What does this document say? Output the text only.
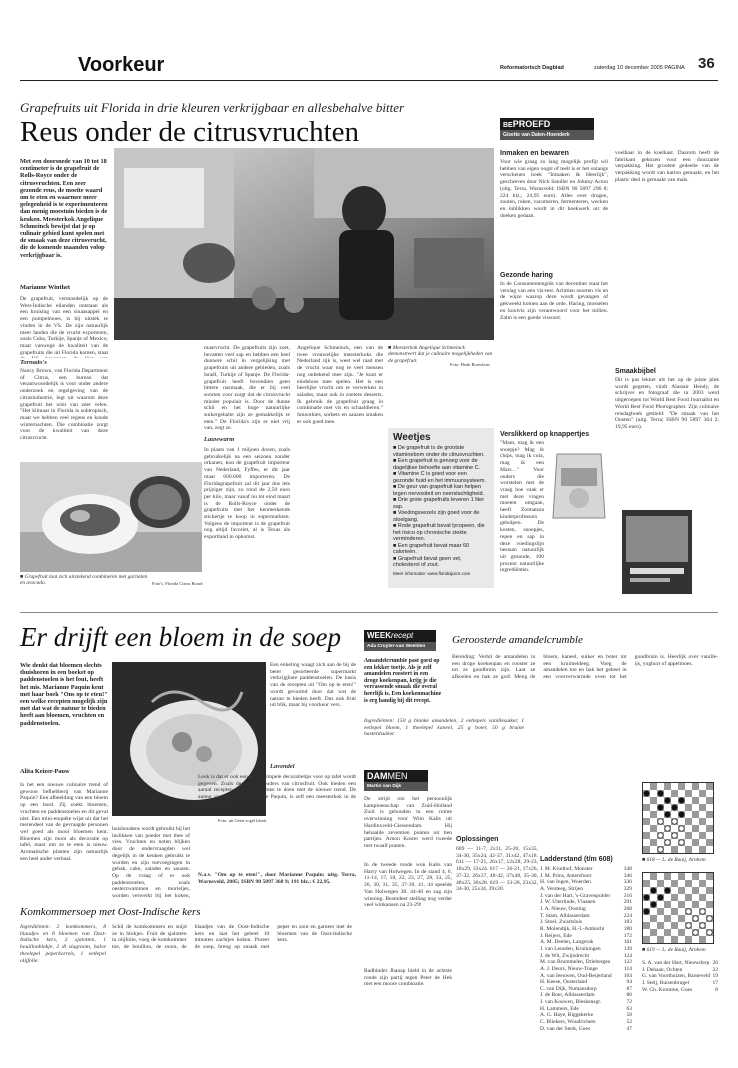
Voorkeur	Reformatorisch Dagblad	zaterdag 10 december 2005 PAGINA 36
Grapefruits uit Florida in drie kleuren verkrijgbaar en allesbehalve bitter
Reus onder de citrusvruchten
Met een doorsnede van 10 tot 18 centimeter is de grapefruit de Rolls-Royce onder de citrusvruchten. Een zeer gezonde reus, de moeite waard om te eten en waarmee meer gelegenheid is te experimenteren dan menig moestuin bieden is de keuken. Meesterkok Angelique Schmeinck bewijst dat je op culinair gebied kunt spelen met de smaak van deze citrusvrucht, die de komende maanden volop verkrijgbaar is.
Marianne Winthet
De grapefruit, vermoedelijk op de West-Indische eilanden ontstaan als een kruising van een sinaasappel en een pompelmoes, is bij uitstek te vinden in de VS. De zijn natuurlijk meer landen die de vrucht exporteren, zoals Cuba, Turkije, Spanje of Mexico, maar vanwege de kwaliteit van de grapefruits die uit Florida komen, staat
Tornado's
Nancy Brown, van Florida Department of Citrus, een bureau dat verantwoordelijk is voor onder andere onderzoek en regelgeving van de citrusindustrie, legt uit waarom deze grapefruit het wint van zeer velen. "Het klimaat in Florida is subtropisch, maar we hebben veel regens en koude winternachten. Die combinatie zorgt voor de kwaliteit van deze citrusvrucht.
maarvrucht. De grapefruits zijn zoet, bevatten veel sap en hebben een heel dunnere schil in vergelijking met grapefruits uit andere gebieden, zoals Israël, Turkije of Spanje. De Florida-grapefruit heeft bovendien geen bittere nasmaak, die er bij veel soorten voor zorgt dat de citrusvrucht minder populair is. Door de dunne schil en het hoge natuurlijke suikergehalte zijn ze gemakkelijk te eten." De Florida's zijn er niet vrij van, zegt ze.
Lauwwarm
In plaats van 1 miljoen dozen, zoals gebruikelijk na een seizoen zonder orkanen, kon de grapefruit importeur van Nederland, Fyffes, er dit jaar maar 600.000 importeren. De Floridagrapefruit zal dit jaar dus iets prijziger zijn, zo rond de 2,50 euro per kilo, maar vanaf nu tot eind maart is de Rolls-Royce onder de grapefruits met het kenmerkende stickertje te koop in supermarkten. Volgens de importeur is de grapefruit nog altijd favoriet, al is Texas als exportland in opkomst.
Angelique Schmeinck, een van de twee vrouwelijke meesterkoks die Nederland rijk is, weet wel raad met de vrucht waar nog te veel mensen nog onbekend mee zijn. "Je kunt er eindeloos mee spelen. Het is een heerlijke vrucht om te verwerken in salades, maar ook in zoetere desserts. Ik gebruik de grapefruit graag in combinatie met vis en schaaldieren." Smoothies, sorbets en sauzen smaken er ook goed mee.
■ Meesterkok Angelique Schmeinck demonstreert dat je culinaire mogelijkheden van de grapefruit.
Foto: Henk Bouwhuis
■ Grapefruit laat zich uitstekend combineren met garnalen en avocado.	Foto's: Florida Citrus Board
Weetjes
■ De grapefruit is de grootste vitaminebom onder de citrusvruchten.
■ Een grapefruit is genoeg voor de dagelijkse behoefte aan vitamine C.
■ Vitamine C is goed voor een gezonde huid en het immuunsysteem.
■ De geur van grapefruit kan helpen tegen nervositeit en neerslachtigheid.
■ Drie grote grapefruits leveren 1 liter sap.
■ Voedingsvezels zijn goed voor de stoelgang.
■ Rode grapefruit bevat lycopeen, die het risico op chronische ziekte verminderen.
■ Een grapefruit bevat maar 60 calorieën.
■ Grapefruit bevat geen vet, cholesterol of zout.
Meer informatie: www.floridajuice.com
BEPROEFD
Gisette van Dalen-Hoenderk
Inmaken en bewaren
Voor wie graag zo lang mogelijk profijt wil hebben van eigen oogst of teelt is er het onlangs verschenen boek "Inmaken & Heerlijk", geschreven door Nick Sandler en Johnny Acton (uitg. Terra, Warnsveld; ISBN 90 5897 296 8; 224 blz.; 24,95 euro). Alles over drogen, zouten, roken, vacumeren, fermenteren, wecken en inblikken wordt in dit boekwerk uit de doeken gedaan.
Gezonde haring
In de Consumentengids van december staat het verslag van een vis-test. Achttien soorten vis en de wijze waarop deze wordt gevangen of gekweekt komen aan de orde. Haring, mosselen en koolvis zijn verantwoord voor het milieu. Zalm is een goede vissoort.
Verslikkerd op knappertjes
"Mam, mag ik een snoepje? Mag ik chips, mag ik cola, mag ik een Mars…" Voor ouders die worstelen met de vraag hoe vaak er met deze vragen moeten omgaan, heeft Zonnatura kinderprofessors geholpen. De kosten, snoepjes, repen en sap in deze voedingslijn bestaan natuurlijk uit gezonde, 100 procent natuurlijke ingrediënten.
voelbaar in de koelkast. Daarom heeft de fabrikant gekozen voor een duurzame verpakking. Het grootste gedeelte van de verpakking wordt van karton gemaakt, en het plastic deel is gemaakt van maïs.
Smaakbijbel
Dit is pas lekker als het op de juiste plek wordt gegeten, vindt Alastair Hendy, de schrijver en fotograaf die in 2003 werd uitgeroepen tot World Best Food Journalist en World Best Food Photographer. Zijn culinaire reisdagboek getiteld: "De smaak van het Oosten" (uitg. Terra; ISBN 90 5897 304 2; 19,95 euro).
Er drijft een bloem in de soep
Wie denkt dat bloemen slechts thuishoren in een boeket op paddenstoelen is het fout, heeft het mis. Marianne Paquin kent met haar boek "Ons op te eten!" een welke recepten mogelijk zijn met dat wat de natuur te bieden heeft aan bloemen, vruchten en paddenstoelen.
Alita Keizer-Pauw
Is het een nieuwe culinaire trend of gewoon liefhebberij van Marianne Paquin? Een afbeelding van een bloem op een bord. Zij zoekt bloemen, vruchten en paddenstoelen en dit geval niet. Een mini-enquête wijst uit dat het merendeel van de gevraagde personen wel goed als mooi bloemen kent. Bloemen zijn mooi als decoratie op tafel, maar om ze te eten is nieuw. Aromatische planten zijn natuurlijk een heel ander verhaal.
Foto: uit Geen vogel bloeit
huishoudens wordt gebruikt bij het inslikken van poeder met thee of vies. Vruchten en noten blijken door de ondervraagden wel degelijk in de keuken gebruikt te worden en zijn toevoegingen in gebak, cake, salades en sauzen. Op de vraag of er ook paddenstoelen, zoals oesterzwammen en morieljes, worden verwerkt bij het koken,
Een enkeling waagt zich aan de bij de beter gesorteerde supermarkt verkrijgbare paddenstoelen. De basis van de recepten uit "Om op te eten!" wordt gevormd door dat wat de natuur te bieden heeft. Dus ook fruit uit blik, maar bij voorkeur vers.
Lavendel
Leuk is dat er ook een aantal simpele decoratietips voor op tafel wordt gegeven. Zoals de kaarsenhouders van citrusfruit. Ook bieden een aantal recepten de kans om mee te doen met de nieuwe trend. De auteur van dit boek, Marianne Paquin, is zelf een meesterkok in de Franse keuken.
N.a.v. "Om op te eten!", door Marianne Paquin; uitg. Terra, Warnsveld, 2005; ISBN 90 5897 368 9; 191 blz.; € 22,95.
Komkommersoep met Oost-Indische kers
Ingrediënten: 2 komkommers, 8 blaadjes en 8 bloemen van Oost-Indische kers, 2 sjalotten, 1 bouillonblokje, 2 dl slagroom, halve theelepel peperkorrels, 1 eetlepel olijfolie.
Schil de komkommers en snijd ze in blokjes. Fruit de sjalotten in olijfolie, voeg de komkommer toe, de bouillon, de room, de blaadjes van de Oost-Indische kers en laat het geheel 10 minuten zachtjes koken. Pureer de soep, breng op smaak met peper en zout en garneer met de bloemen van de Oost-Indische kers.
WEEKrecept
Ada Cruyter-van Weelden
Geroosterde amandelcrumble
Amandelcrumble past goed op een lekker toetje. Als je zelf amandelen roostert in een droge koekenpan, krijg je die verrassende smaak die overal heerlijk is. Een koekenmachine is erg handig bij dit recept.
Ingrediënten: 150 g blanke amandelen, 2 eetlepels vanillesuiker, 1 eetlepel bloem, 1 theelepel kaneel, 25 g boter, 50 g bruine basterdsuiker.
Bereiding: Verhit de amandelen in een droge koekenpan en rooster ze tot ze goudbruin zijn. Laat ze afkoelen en hak ze grof. Meng de bloem, kaneel, suiker en boter tot een kruimeldeeg. Voeg de amandelen toe en bak het geheel in een voorverwarmde oven tot het goudbruin is. Heerlijk over vanille-ijs, yoghurt of appelmoes.
DAMMEN
Martin van Dijk
De strijd om het persoonlijk kampioenschap van Zuid-Holland Zuid is gehouden in een ruime overwinning voor Wim Kalis uit Hardinxveld-Giessendam. Hij behaalde zeventien punten uit tien partijen. Arnon Koster werd tweede met twaalf punten.
In de tweede ronde won Kalis van Harry van Holwegen. In de stand 4, 6, 11-14, 17, 18, 22, 23, 27, 28, 33, 25, 26, 30, 31, 35, 37-39, 41, 44 speelde Van Holwegen 38. 44-40 en zag zijn winning. Bestudeer stelling nog verder veel winkansen na 23-29!
Radhinder Jhanap hield in de achtste ronde zijn partij tegen Peter de Hek met een mooie combinatie.
Oplossingen
609 — 11-7, 2x11, 25-20, 15x35, 34-30, 35x24, 42-37, 31x42, 47x18. 611 — 17-21, 26x17, 12x28, 29-23, 18x29, 33x24. 617 — 26-21, 17x26, 37-32, 26x37, 48-42, 37x48, 35-30, 48x25, 30x28. 619 — 33-28, 23x32, 34-30, 25x34, 39x30.
Ladderstand (t/m 608)
J. M. Kruithof, Monster	348
J. M. Prins, Amersfoort	346
H. van Ingen, Woerden	336
A. Versteeg, Strijen	329
J. van der Hart, 's-Gravenpolder 316
J. W. Uiterlinde, Vlaanen	291
J. A. Nieuw, Oosting	268
T. Stam, Alblasserdam	224
J. Stoel, Zwartsluis	183
R. Molendijk, H.-I.-Ambacht	180
J. Reijers, Ede	172
A. M. Deelen, Langerak	161
J. van Leusden, Kruiningen	139
J. de Wit, Zwijndrecht	124
M. van Brummelen, Driebergen 122
A. J. Deurs, Nieuw-Tonge	114
A. van Ieeuwen, Oud-Beijerland 104
H. Keese, Oosterland	94
C. van Dijk, Numansdorp	87
J. de Boer, Alblasserdam	80
J. van Kouwen, Bleskensgr.	72
H. Lammers, Ede	63
A. G. Haye, Biggekerke	58
C. Bliekers, Woudrichem	52
D. van der Sterk, Goes	47
■ 618 — L. de Raaij, Arnhem
■ 619 — L. de Raaij, Arnhem
S. A. van der Hart, Nieuwdorp 26
J. Dehaan, Ochten	22
G. van Voorthuizen, Barneveld 19
J. Stelj, Ruisenbrugel	17
W. Ch. Kromme, Goes	8
